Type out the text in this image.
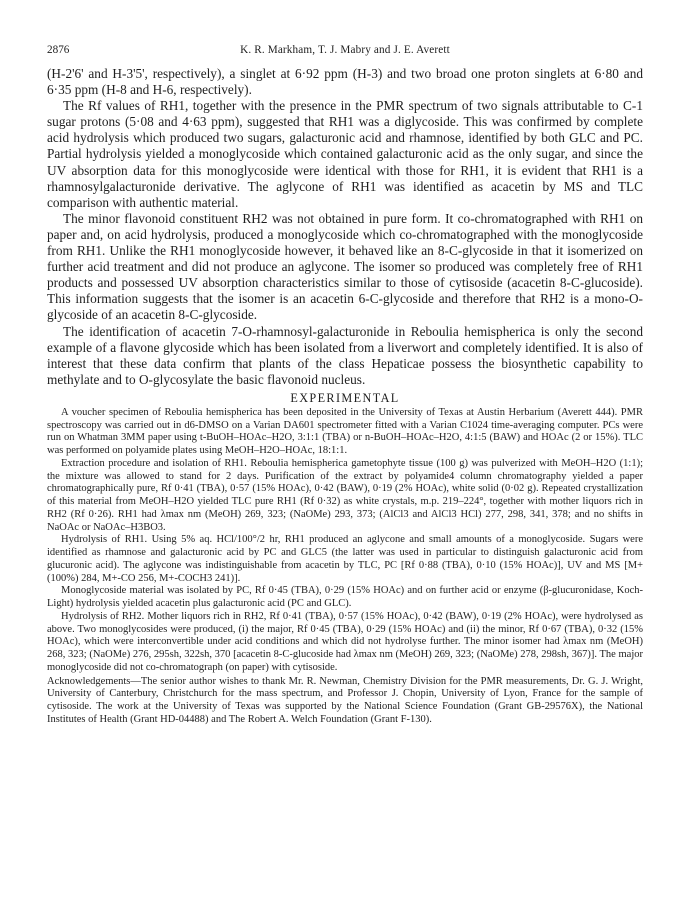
2876	K. R. Markham, T. J. Mabry and J. E. Averett

(H-2'6' and H-3'5', respectively), a singlet at 6·92 ppm (H-3) and two broad one proton singlets at 6·80 and 6·35 ppm (H-8 and H-6, respectively).

The Rf values of RH1, together with the presence in the PMR spectrum of two signals attributable to C-1 sugar protons (5·08 and 4·63 ppm), suggested that RH1 was a diglycoside. This was confirmed by complete acid hydrolysis which produced two sugars, galacturonic acid and rhamnose, identified by both GLC and PC. Partial hydrolysis yielded a monoglycoside which contained galacturonic acid as the only sugar, and since the UV absorption data for this monoglycoside were identical with those for RH1, it is evident that RH1 is a rhamnosylgalacturonide derivative. The aglycone of RH1 was identified as acacetin by MS and TLC comparison with authentic material.

The minor flavonoid constituent RH2 was not obtained in pure form. It co-chromatographed with RH1 on paper and, on acid hydrolysis, produced a monoglycoside which co-chromatographed with the monoglycoside from RH1. Unlike the RH1 monoglycoside however, it behaved like an 8-C-glycoside in that it isomerized on further acid treatment and did not produce an aglycone. The isomer so produced was completely free of RH1 products and possessed UV absorption characteristics similar to those of cytisoside (acacetin 8-C-glucoside). This information suggests that the isomer is an acacetin 6-C-glycoside and therefore that RH2 is a mono-O-glycoside of an acacetin 8-C-glycoside.

The identification of acacetin 7-O-rhamnosyl-galacturonide in Reboulia hemispherica is only the second example of a flavone glycoside which has been isolated from a liverwort and completely identified. It is also of interest that these data confirm that plants of the class Hepaticae possess the biosynthetic capability to methylate and to O-glycosylate the basic flavonoid nucleus.

EXPERIMENTAL

A voucher specimen of Reboulia hemispherica has been deposited in the University of Texas at Austin Herbarium (Averett 444). PMR spectroscopy was carried out in d6-DMSO on a Varian DA601 spectrometer fitted with a Varian C1024 time-averaging computer. PCs were run on Whatman 3MM paper using t-BuOH–HOAc–H2O, 3:1:1 (TBA) or n-BuOH–HOAc–H2O, 4:1:5 (BAW) and HOAc (2 or 15%). TLC was performed on polyamide plates using MeOH–H2O–HOAc, 18:1:1.

Extraction procedure and isolation of RH1. Reboulia hemispherica gametophyte tissue (100 g) was pulverized with MeOH–H2O (1:1); the mixture was allowed to stand for 2 days. Purification of the extract by polyamide4 column chromatography yielded a paper chromatographically pure, Rf 0·41 (TBA), 0·57 (15% HOAc), 0·42 (BAW), 0·19 (2% HOAc), white solid (0·02 g). Repeated crystallization of this material from MeOH–H2O yielded TLC pure RH1 (Rf 0·32) as white crystals, m.p. 219–224°, together with mother liquors rich in RH2 (Rf 0·26). RH1 had λmax nm (MeOH) 269, 323; (NaOMe) 293, 373; (AlCl3 and AlCl3 HCl) 277, 298, 341, 378; and no shifts in NaOAc or NaOAc–H3BO3.

Hydrolysis of RH1. Using 5% aq. HCl/100°/2 hr, RH1 produced an aglycone and small amounts of a monoglycoside. Sugars were identified as rhamnose and galacturonic acid by PC and GLC5 (the latter was used in particular to distinguish galacturonic acid from glucuronic acid). The aglycone was indistinguishable from acacetin by TLC, PC [Rf 0·88 (TBA), 0·10 (15% HOAc)], UV and MS [M+ (100%) 284, M+-CO 256, M+-COCH3 241)].

Monoglycoside material was isolated by PC, Rf 0·45 (TBA), 0·29 (15% HOAc) and on further acid or enzyme (β-glucuronidase, Koch-Light) hydrolysis yielded acacetin plus galacturonic acid (PC and GLC).

Hydrolysis of RH2. Mother liquors rich in RH2, Rf 0·41 (TBA), 0·57 (15% HOAc), 0·42 (BAW), 0·19 (2% HOAc), were hydrolysed as above. Two monoglycosides were produced, (i) the major, Rf 0·45 (TBA), 0·29 (15% HOAc) and (ii) the minor, Rf 0·67 (TBA), 0·32 (15% HOAc), which were interconvertible under acid conditions and which did not hydrolyse further. The minor isomer had λmax nm (MeOH) 268, 323; (NaOMe) 276, 295sh, 322sh, 370 [acacetin 8-C-glucoside had λmax nm (MeOH) 269, 323; (NaOMe) 278, 298sh, 367)]. The major monoglycoside did not co-chromatograph (on paper) with cytisoside.

Acknowledgements—The senior author wishes to thank Mr. R. Newman, Chemistry Division for the PMR measurements, Dr. G. J. Wright, University of Canterbury, Christchurch for the mass spectrum, and Professor J. Chopin, University of Lyon, France for the sample of cytisoside. The work at the University of Texas was supported by the National Science Foundation (Grant GB-29576X), the National Institutes of Health (Grant HD-04488) and The Robert A. Welch Foundation (Grant F-130).
